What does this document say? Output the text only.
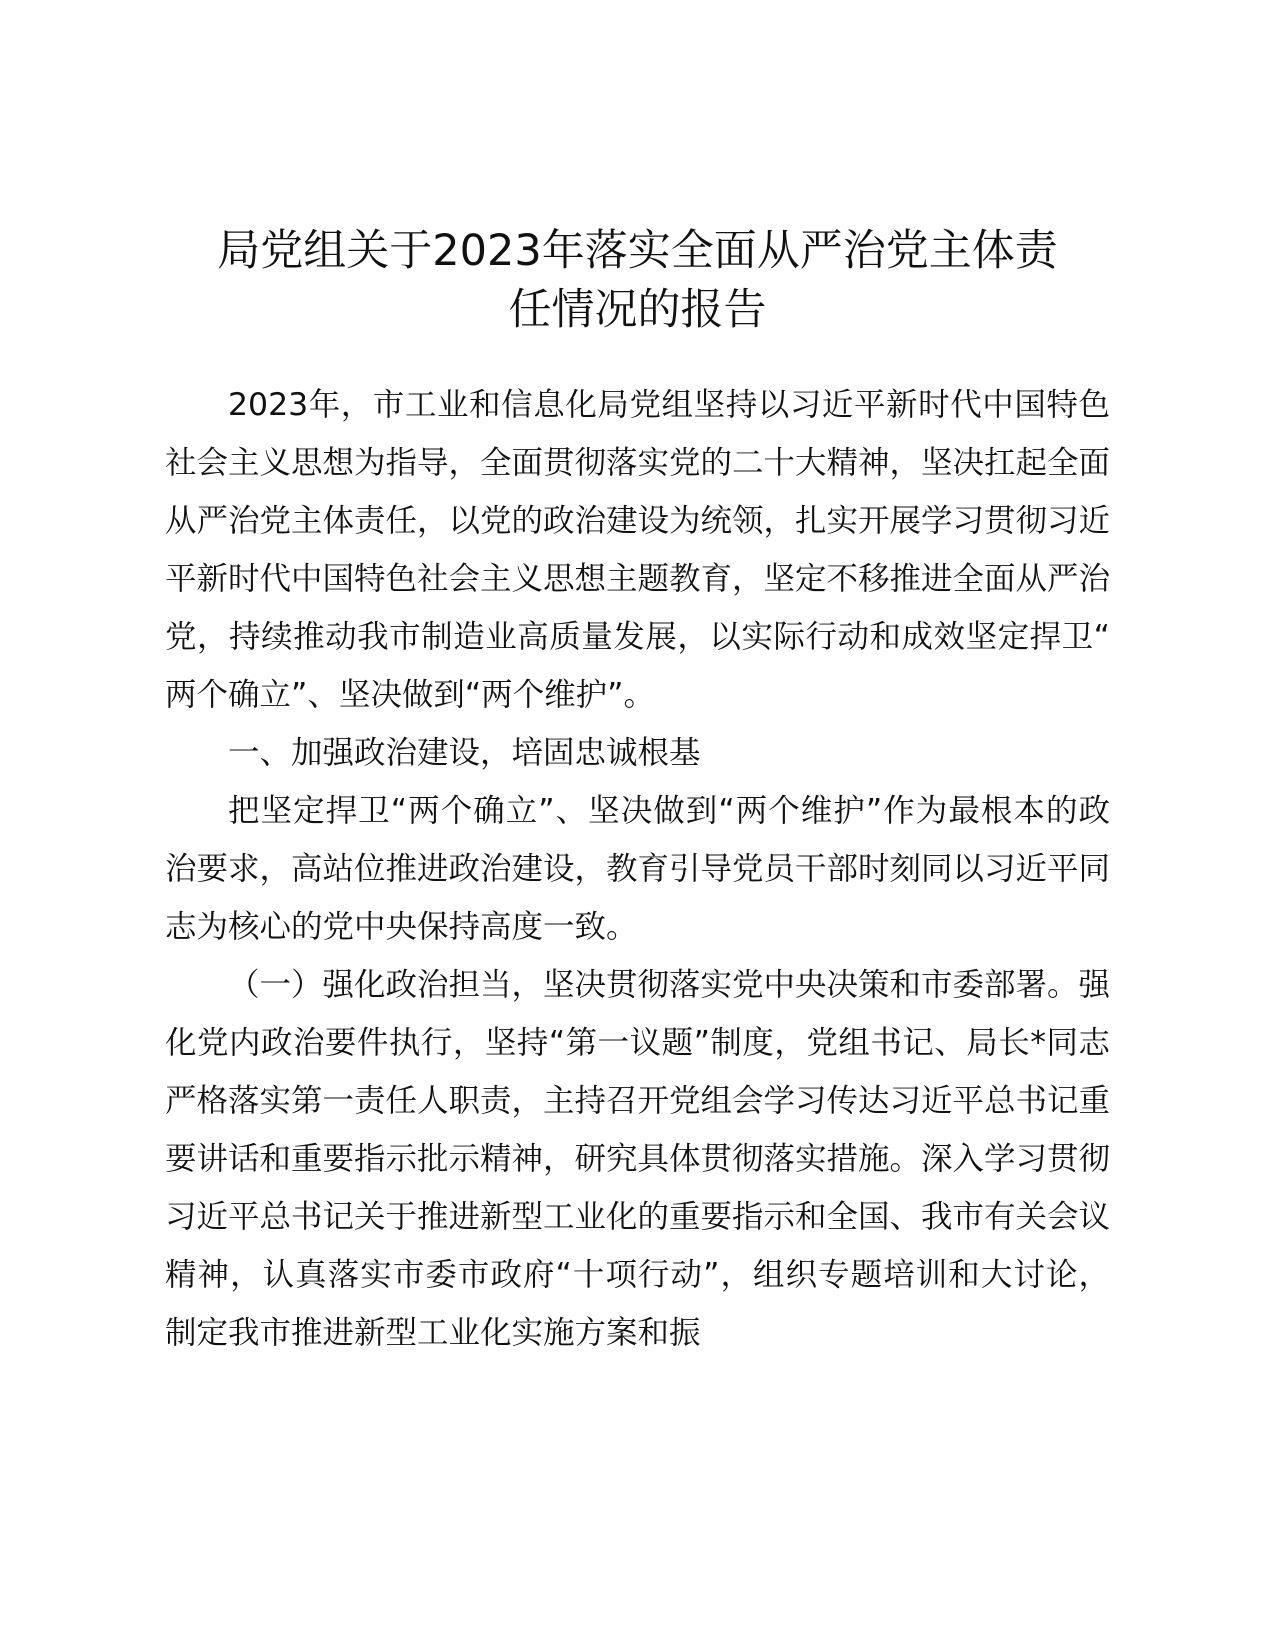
局党组关于2023年落实全面从严治党主体责
任情况的报告

2023年，市工业和信息化局党组坚持以习近平新时代中国特色社会主义思想为指导，全面贯彻落实党的二十大精神，坚决扛起全面从严治党主体责任，以党的政治建设为统领，扎实开展学习贯彻习近平新时代中国特色社会主义思想主题教育，坚定不移推进全面从严治党，持续推动我市制造业高质量发展，以实际行动和成效坚定捍卫“两个确立”、坚决做到“两个维护”。

一、加强政治建设，培固忠诚根基

把坚定捍卫“两个确立”、坚决做到“两个维护”作为最根本的政治要求，高站位推进政治建设，教育引导党员干部时刻同以习近平同志为核心的党中央保持高度一致。

（一）强化政治担当，坚决贯彻落实党中央决策和市委部署。强化党内政治要件执行，坚持“第一议题”制度，党组书记、局长*同志严格落实第一责任人职责，主持召开党组会学习传达习近平总书记重要讲话和重要指示批示精神，研究具体贯彻落实措施。深入学习贯彻习近平总书记关于推进新型工业化的重要指示和全国、我市有关会议精神，认真落实市委市政府“十项行动”，组织专题培训和大讨论，制定我市推进新型工业化实施方案和振
